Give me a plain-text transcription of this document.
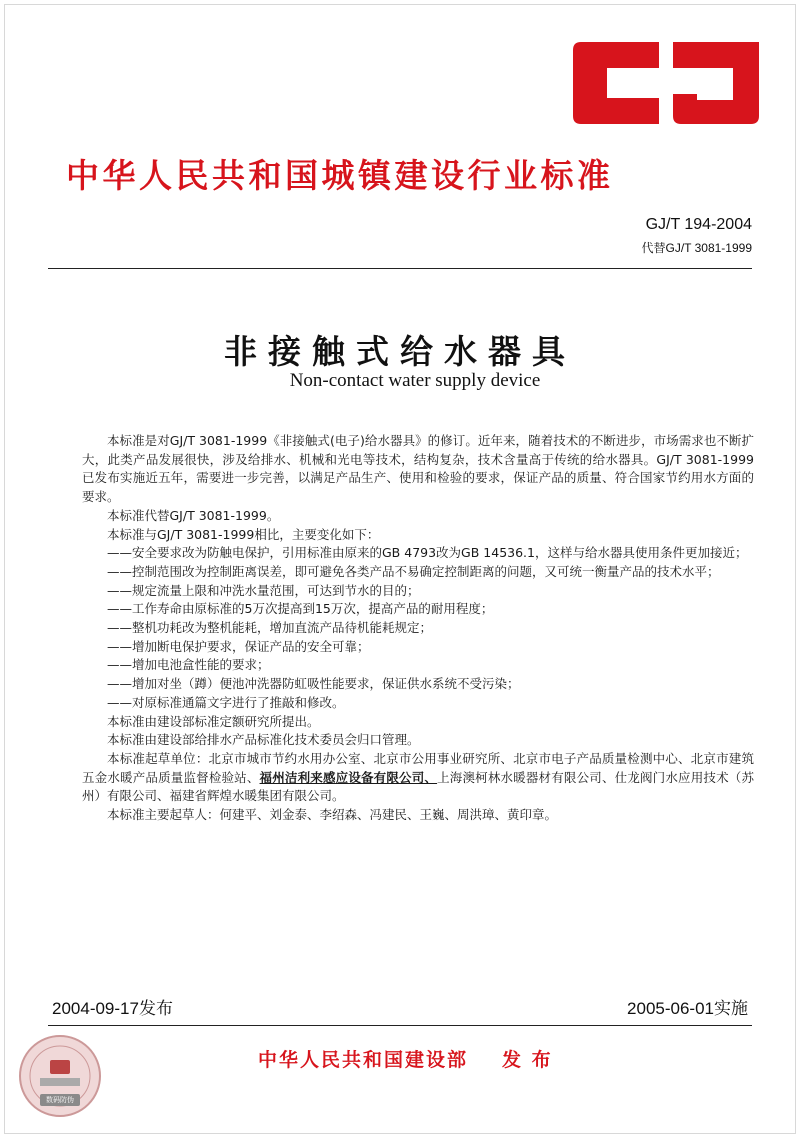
中华人民共和国城镇建设行业标准
GJ/T 194-2004
代替GJ/T 3081-1999
非接触式给水器具
Non-contact water supply device

本标准是对GJ/T 3081-1999《非接触式(电子)给水器具》的修订。近年来，随着技术的不断进步，市场需求也不断扩大，此类产品发展很快，涉及给排水、机械和光电等技术，结构复杂，技术含量高于传统的给水器具。GJ/T 3081-1999已发布实施近五年，需要进一步完善，以满足产品生产、使用和检验的要求，保证产品的质量、符合国家节约用水方面的要求。

本标准代替GJ/T 3081-1999。

本标准与GJ/T 3081-1999相比，主要变化如下：

——安全要求改为防触电保护，引用标准由原来的GB 4793改为GB 14536.1，这样与给水器具使用条件更加接近；

——控制范围改为控制距离误差，即可避免各类产品不易确定控制距离的问题，又可统一衡量产品的技术水平；

——规定流量上限和冲洗水量范围，可达到节水的目的；

——工作寿命由原标准的5万次提高到15万次，提高产品的耐用程度；

——整机功耗改为整机能耗，增加直流产品待机能耗规定；

——增加断电保护要求，保证产品的安全可靠；

——增加电池盒性能的要求；

——增加对坐（蹲）便池冲洗器防虹吸性能要求，保证供水系统不受污染；

——对原标准通篇文字进行了推敲和修改。

本标准由建设部标准定额研究所提出。

本标准由建设部给排水产品标准化技术委员会归口管理。

本标准起草单位：北京市城市节约水用办公室、北京市公用事业研究所、北京市电子产品质量检测中心、北京市建筑五金水暖产品质量监督检验站、福州洁利来感应设备有限公司、上海澳柯林水暖器材有限公司、仕龙阀门水应用技术（苏州）有限公司、福建省辉煌水暖集团有限公司。

本标准主要起草人：何建平、刘金泰、李绍森、冯建民、王巍、周洪璋、黄印章。

2004-09-17发布	2005-06-01实施
中华人民共和国建设部 发 布
数码防伪
